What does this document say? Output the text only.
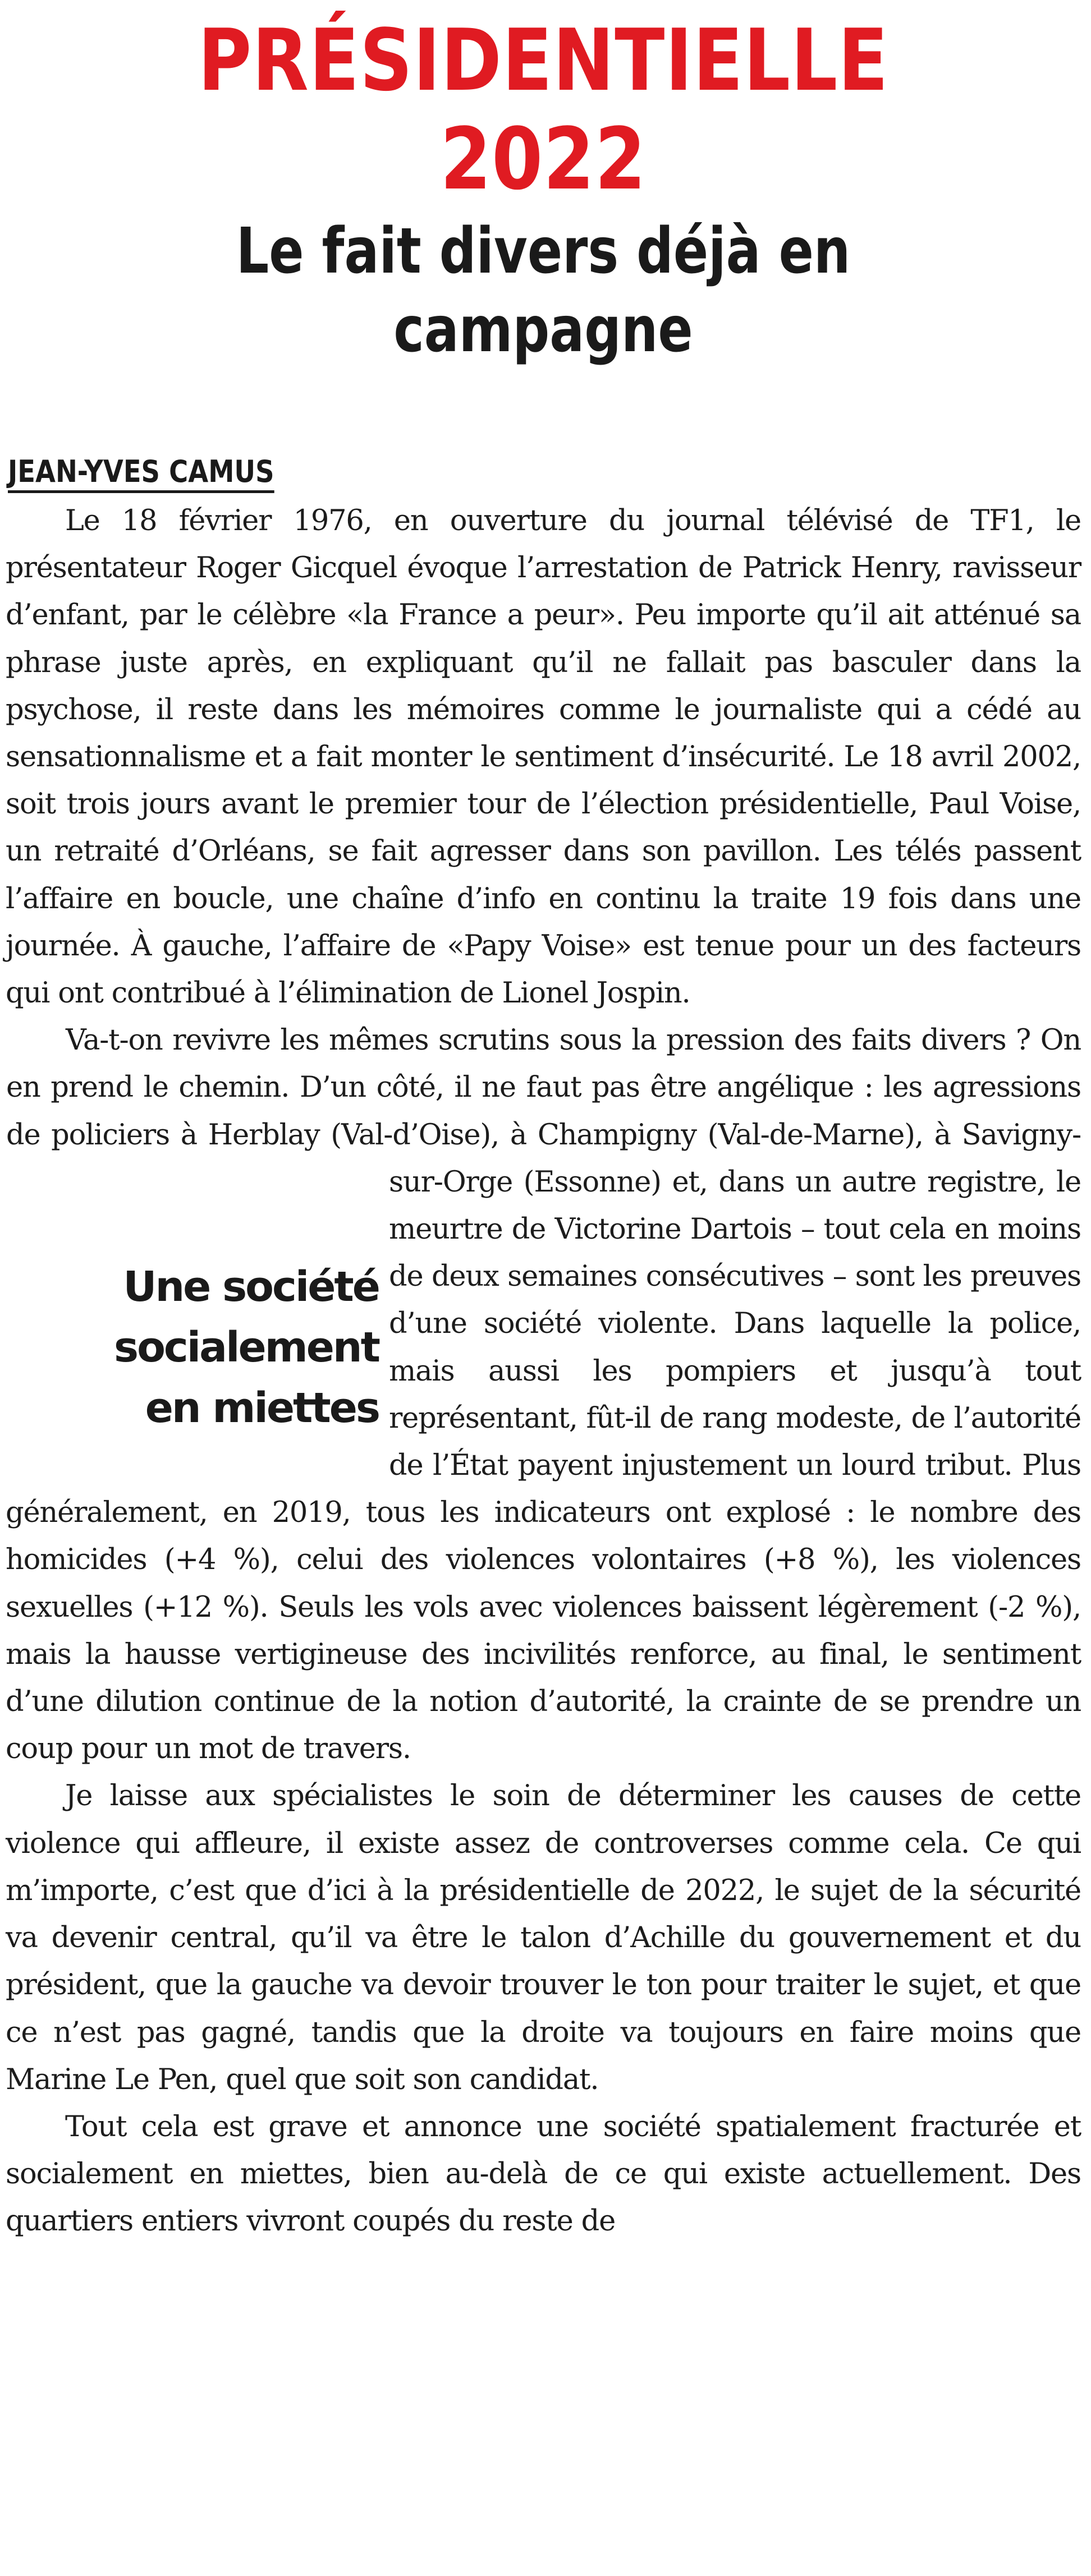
PRÉSIDENTIELLE
2022
Le fait divers déjà en campagne
JEAN-YVES CAMUS

Le 18 février 1976, en ouverture du journal télévisé de TF1, le présentateur Roger Gicquel évoque l’arrestation de Patrick Henry, ravisseur d’enfant, par le célèbre «la France a peur». Peu importe qu’il ait atténué sa phrase juste après, en expliquant qu’il ne fallait pas basculer dans la psychose, il reste dans les mémoires comme le journaliste qui a cédé au sensationnalisme et a fait monter le sentiment d’insécurité. Le 18 avril 2002, soit trois jours avant le premier tour de l’élection présidentielle, Paul Voise, un retraité d’Orléans, se fait agresser dans son pavillon. Les télés passent l’affaire en boucle, une chaîne d’info en continu la traite 19 fois dans une journée. À gauche, l’affaire de «Papy Voise» est tenue pour un des facteurs qui ont contribué à l’élimination de Lionel Jospin.

Une société
socialement
en miettes
Va-t-on revivre les mêmes scrutins sous la pression des faits divers ? On en prend le chemin. D’un côté, il ne faut pas être angélique : les agressions de policiers à Herblay (Val-d’Oise), à Champigny (Val-de-Marne), à Savigny-sur-Orge (Essonne) et, dans un autre registre, le meurtre de Victorine Dartois – tout cela en moins de deux semaines consécutives – sont les preuves d’une société violente. Dans laquelle la police, mais aussi les pompiers et jusqu’à tout représentant, fût-il de rang modeste, de l’autorité de l’État payent injustement un lourd tribut. Plus généralement, en 2019, tous les indicateurs ont explosé : le nombre des homicides (+4 %), celui des violences volontaires (+8 %), les violences sexuelles (+12 %). Seuls les vols avec violences baissent légèrement (-2 %), mais la hausse vertigineuse des incivilités renforce, au final, le sentiment d’une dilution continue de la notion d’autorité, la crainte de se prendre un coup pour un mot de travers.

Je laisse aux spécialistes le soin de déterminer les causes de cette violence qui affleure, il existe assez de controverses comme cela. Ce qui m’importe, c’est que d’ici à la présidentielle de 2022, le sujet de la sécurité va devenir central, qu’il va être le talon d’Achille du gouvernement et du président, que la gauche va devoir trouver le ton pour traiter le sujet, et que ce n’est pas gagné, tandis que la droite va toujours en faire moins que Marine Le Pen, quel que soit son candidat.

Tout cela est grave et annonce une société spatialement fracturée et socialement en miettes, bien au-delà de ce qui existe actuellement. Des quartiers entiers vivront coupés du reste de
